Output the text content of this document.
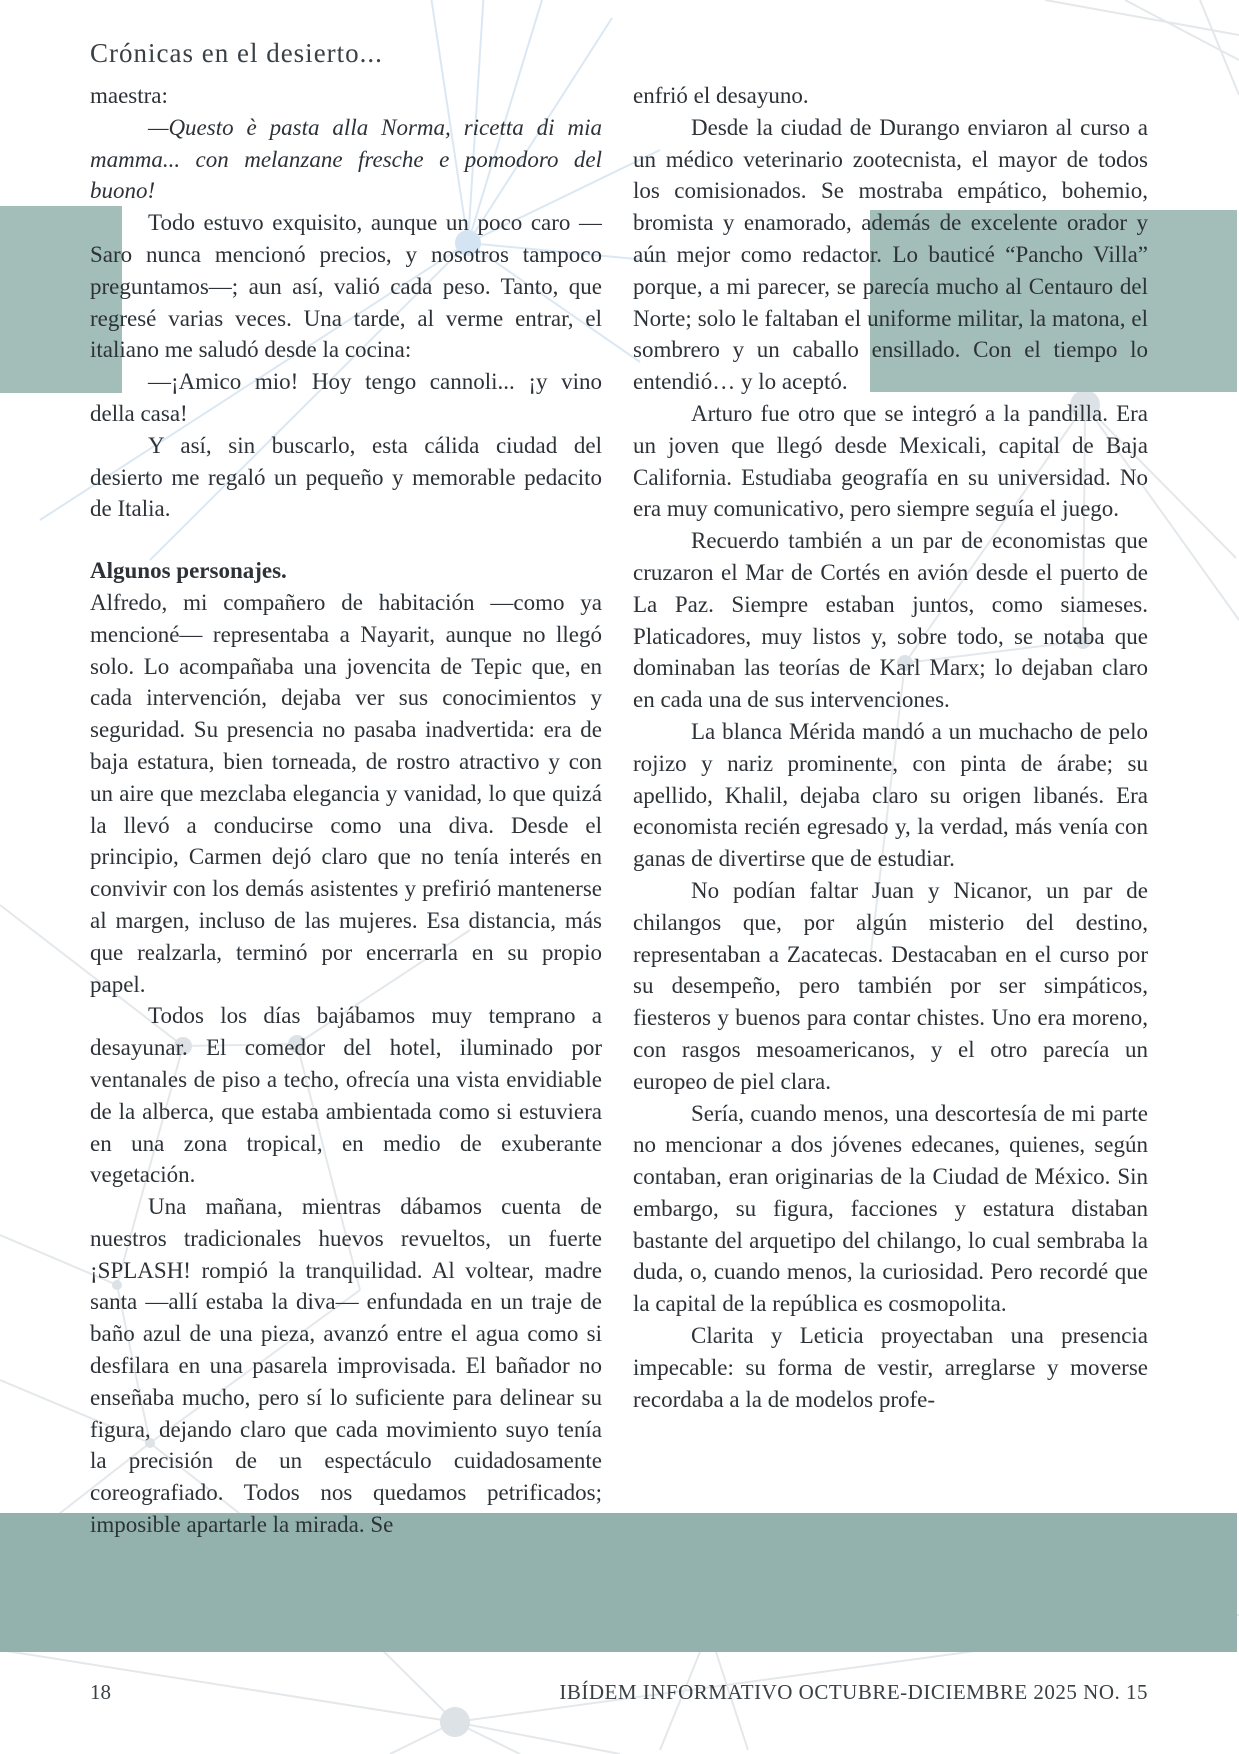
Crónicas en el desierto...

maestra:

—Questo è pasta alla Norma, ricetta di mia mamma... con melanzane fresche e pomodoro del buono!

Todo estuvo exquisito, aunque un poco caro —Saro nunca mencionó precios, y nosotros tampoco preguntamos—; aun así, valió cada peso. Tanto, que regresé varias veces. Una tarde, al verme entrar, el italiano me saludó desde la cocina:

—¡Amico mio! Hoy tengo cannoli... ¡y vino della casa!

Y así, sin buscarlo, esta cálida ciudad del desierto me regaló un pequeño y memorable pedacito de Italia.

Algunos personajes.

Alfredo, mi compañero de habitación —como ya mencioné— representaba a Nayarit, aunque no llegó solo. Lo acompañaba una jovencita de Tepic que, en cada intervención, dejaba ver sus conocimientos y seguridad. Su presencia no pasaba inadvertida: era de baja estatura, bien torneada, de rostro atractivo y con un aire que mezclaba elegancia y vanidad, lo que quizá la llevó a conducirse como una diva. Desde el principio, Carmen dejó claro que no tenía interés en convivir con los demás asistentes y prefirió mantenerse al margen, incluso de las mujeres. Esa distancia, más que realzarla, terminó por encerrarla en su propio papel.

Todos los días bajábamos muy temprano a desayunar. El comedor del hotel, iluminado por ventanales de piso a techo, ofrecía una vista envidiable de la alberca, que estaba ambientada como si estuviera en una zona tropical, en medio de exuberante vegetación.

Una mañana, mientras dábamos cuenta de nuestros tradicionales huevos revueltos, un fuerte ¡SPLASH! rompió la tranquilidad. Al voltear, madre santa —allí estaba la diva— enfundada en un traje de baño azul de una pieza, avanzó entre el agua como si desfilara en una pasarela improvisada. El bañador no enseñaba mucho, pero sí lo suficiente para delinear su figura, dejando claro que cada movimiento suyo tenía la precisión de un espectáculo cuidadosamente coreografiado. Todos nos quedamos petrificados; imposible apartarle la mirada. Se

enfrió el desayuno.

Desde la ciudad de Durango enviaron al curso a un médico veterinario zootecnista, el mayor de todos los comisionados. Se mostraba empático, bohemio, bromista y enamorado, además de excelente orador y aún mejor como redactor. Lo bauticé “Pancho Villa” porque, a mi parecer, se parecía mucho al Centauro del Norte; solo le faltaban el uniforme militar, la matona, el sombrero y un caballo ensillado. Con el tiempo lo entendió… y lo aceptó.

Arturo fue otro que se integró a la pandilla. Era un joven que llegó desde Mexicali, capital de Baja California. Estudiaba geografía en su universidad. No era muy comunicativo, pero siempre seguía el juego.

Recuerdo también a un par de economistas que cruzaron el Mar de Cortés en avión desde el puerto de La Paz. Siempre estaban juntos, como siameses. Platicadores, muy listos y, sobre todo, se notaba que dominaban las teorías de Karl Marx; lo dejaban claro en cada una de sus intervenciones.

La blanca Mérida mandó a un muchacho de pelo rojizo y nariz prominente, con pinta de árabe; su apellido, Khalil, dejaba claro su origen libanés. Era economista recién egresado y, la verdad, más venía con ganas de divertirse que de estudiar.

No podían faltar Juan y Nicanor, un par de chilangos que, por algún misterio del destino, representaban a Zacatecas. Destacaban en el curso por su desempeño, pero también por ser simpáticos, fiesteros y buenos para contar chistes. Uno era moreno, con rasgos mesoamericanos, y el otro parecía un europeo de piel clara.

Sería, cuando menos, una descortesía de mi parte no mencionar a dos jóvenes edecanes, quienes, según contaban, eran originarias de la Ciudad de México. Sin embargo, su figura, facciones y estatura distaban bastante del arquetipo del chilango, lo cual sembraba la duda, o, cuando menos, la curiosidad. Pero recordé que la capital de la república es cosmopolita.

Clarita y Leticia proyectaban una presencia impecable: su forma de vestir, arreglarse y moverse recordaba a la de modelos profe-

18	IBÍDEM INFORMATIVO OCTUBRE-DICIEMBRE 2025 NO. 15
